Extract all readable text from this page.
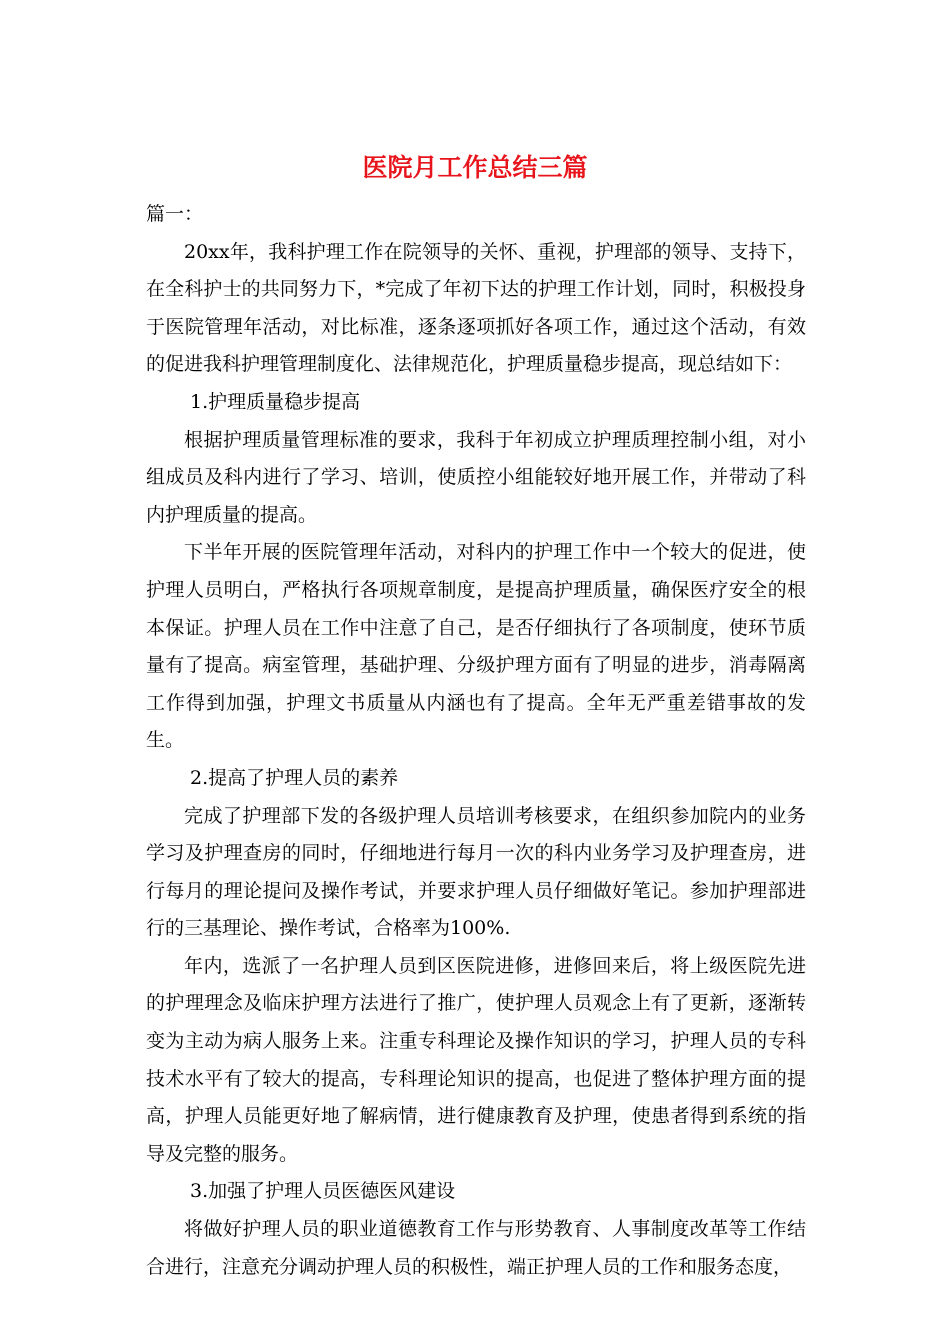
医院月工作总结三篇

篇一：

20xx年，我科护理工作在院领导的关怀、重视，护理部的领导、支持下，在全科护士的共同努力下，*完成了年初下达的护理工作计划，同时，积极投身于医院管理年活动，对比标准，逐条逐项抓好各项工作，通过这个活动，有效的促进我科护理管理制度化、法律规范化，护理质量稳步提高，现总结如下：

1.护理质量稳步提高

根据护理质量管理标准的要求，我科于年初成立护理质理控制小组，对小组成员及科内进行了学习、培训，使质控小组能较好地开展工作，并带动了科内护理质量的提高。

下半年开展的医院管理年活动，对科内的护理工作中一个较大的促进，使护理人员明白，严格执行各项规章制度，是提高护理质量，确保医疗安全的根本保证。护理人员在工作中注意了自己，是否仔细执行了各项制度，使环节质量有了提高。病室管理，基础护理、分级护理方面有了明显的进步，消毒隔离工作得到加强，护理文书质量从内涵也有了提高。全年无严重差错事故的发生。

2.提高了护理人员的素养

完成了护理部下发的各级护理人员培训考核要求，在组织参加院内的业务学习及护理查房的同时，仔细地进行每月一次的科内业务学习及护理查房，进行每月的理论提问及操作考试，并要求护理人员仔细做好笔记。参加护理部进行的三基理论、操作考试，合格率为100%.

年内，选派了一名护理人员到区医院进修，进修回来后，将上级医院先进的护理理念及临床护理方法进行了推广，使护理人员观念上有了更新，逐渐转变为主动为病人服务上来。注重专科理论及操作知识的学习，护理人员的专科技术水平有了较大的提高，专科理论知识的提高，也促进了整体护理方面的提高，护理人员能更好地了解病情，进行健康教育及护理，使患者得到系统的指导及完整的服务。

3.加强了护理人员医德医风建设

将做好护理人员的职业道德教育工作与形势教育、人事制度改革等工作结合进行，注意充分调动护理人员的积极性，端正护理人员的工作和服务态度，
